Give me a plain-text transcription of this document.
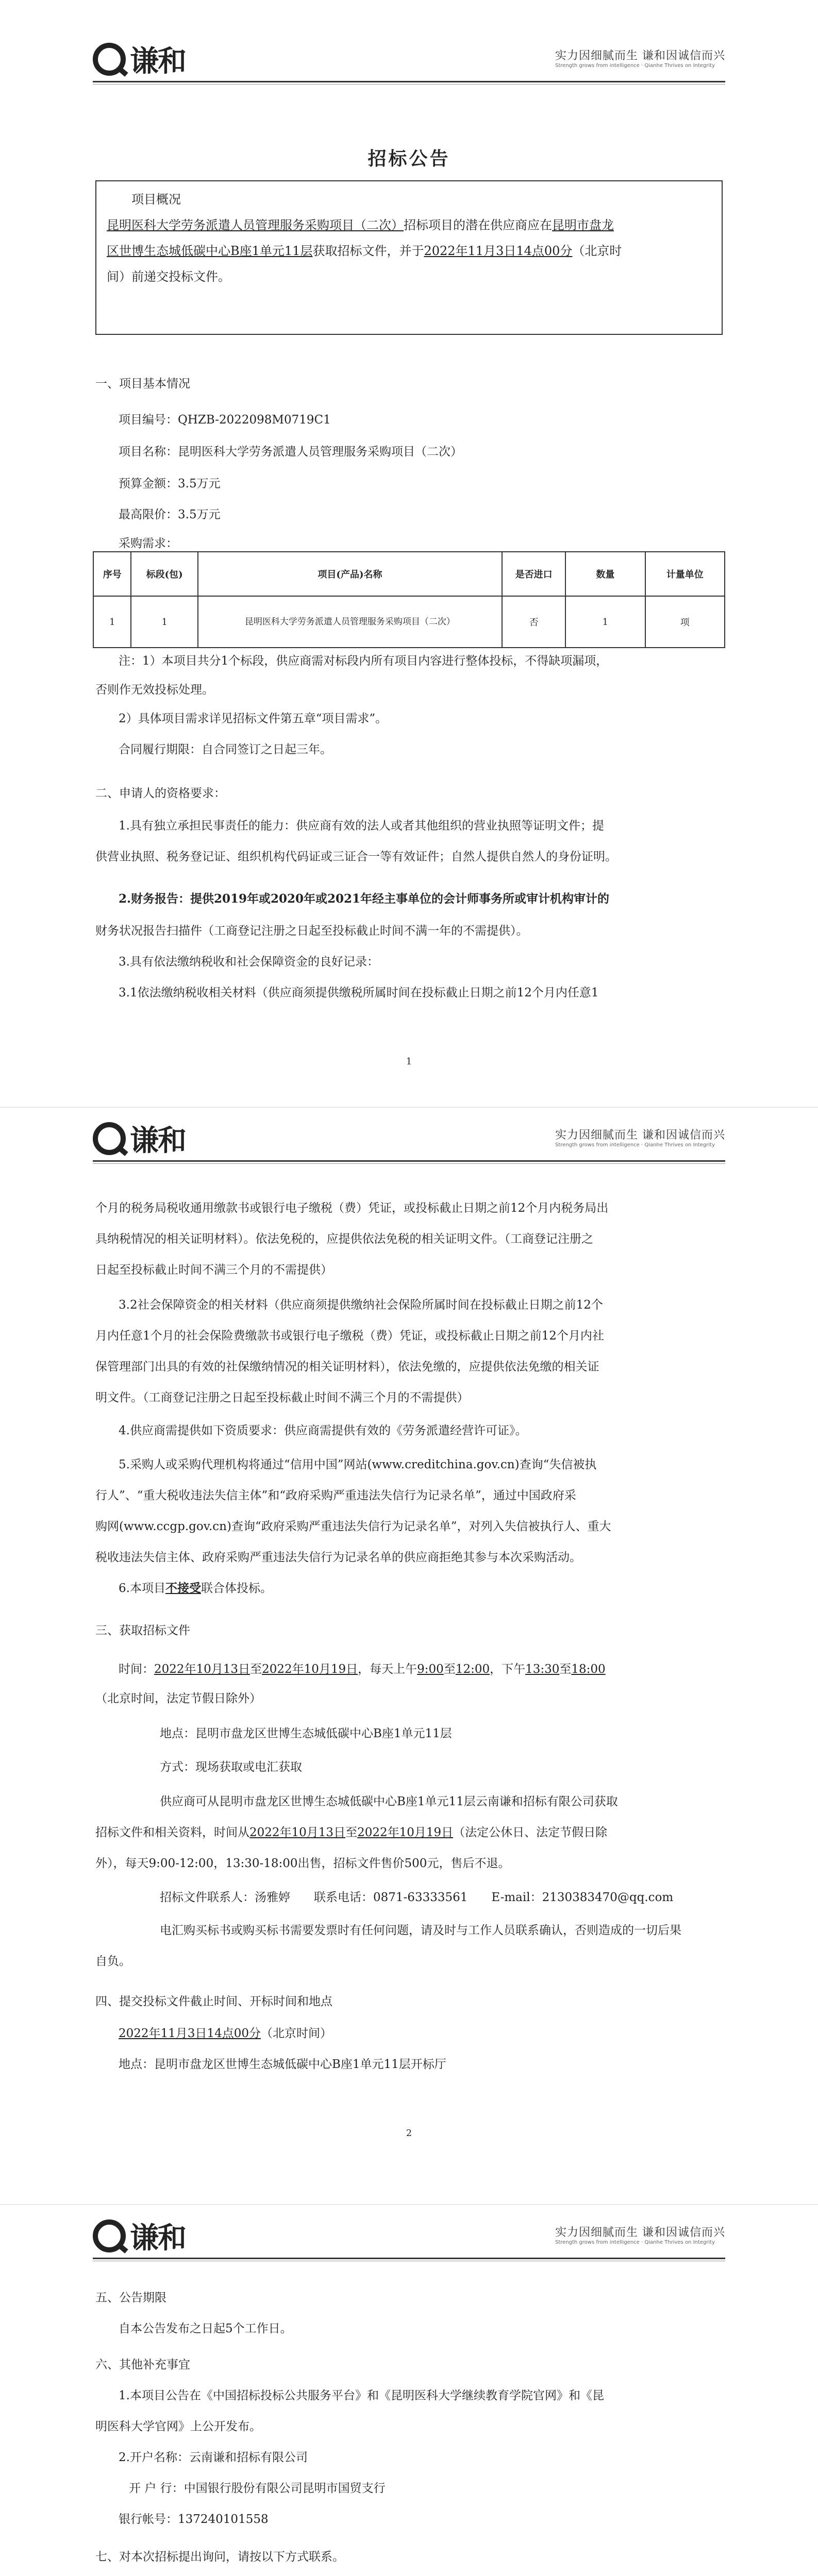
谦和	实力因细腻而生 谦和因诚信而兴
Strength grows from intelligence · Qianhe Thrives on Integrity
招标公告
项目概况
昆明医科大学劳务派遣人员管理服务采购项目（二次）招标项目的潜在供应商应在昆明市盘龙
区世博生态城低碳中心B座1单元11层获取招标文件，并于2022年11月3日14点00分（北京时
间）前递交投标文件。
一、项目基本情况
项目编号：QHZB-2022098M0719C1
项目名称：昆明医科大学劳务派遣人员管理服务采购项目（二次）
预算金额：3.5万元
最高限价：3.5万元
采购需求：
序号	标段(包)	项目(产品)名称	是否进口	数量	计量单位
1	1	昆明医科大学劳务派遣人员管理服务采购项目（二次）	否	1	项
注：1）本项目共分1个标段，供应商需对标段内所有项目内容进行整体投标，不得缺项漏项，
否则作无效投标处理。
2）具体项目需求详见招标文件第五章“项目需求”。
合同履行期限：自合同签订之日起三年。
二、申请人的资格要求：
1.具有独立承担民事责任的能力：供应商有效的法人或者其他组织的营业执照等证明文件；提
供营业执照、税务登记证、组织机构代码证或三证合一等有效证件；自然人提供自然人的身份证明。
2.财务报告：提供2019年或2020年或2021年经主事单位的会计师事务所或审计机构审计的
财务状况报告扫描件（工商登记注册之日起至投标截止时间不满一年的不需提供）。
3.具有依法缴纳税收和社会保障资金的良好记录：
3.1依法缴纳税收相关材料（供应商须提供缴税所属时间在投标截止日期之前12个月内任意1
1
谦和	实力因细腻而生 谦和因诚信而兴
Strength grows from intelligence · Qianhe Thrives on Integrity
个月的税务局税收通用缴款书或银行电子缴税（费）凭证，或投标截止日期之前12个月内税务局出
具纳税情况的相关证明材料）。依法免税的，应提供依法免税的相关证明文件。（工商登记注册之
日起至投标截止时间不满三个月的不需提供）
3.2社会保障资金的相关材料（供应商须提供缴纳社会保险所属时间在投标截止日期之前12个
月内任意1个月的社会保险费缴款书或银行电子缴税（费）凭证，或投标截止日期之前12个月内社
保管理部门出具的有效的社保缴纳情况的相关证明材料），依法免缴的，应提供依法免缴的相关证
明文件。（工商登记注册之日起至投标截止时间不满三个月的不需提供）
4.供应商需提供如下资质要求：供应商需提供有效的《劳务派遣经营许可证》。
5.采购人或采购代理机构将通过“信用中国”网站(www.creditchina.gov.cn)查询“失信被执
行人”、“重大税收违法失信主体”和“政府采购严重违法失信行为记录名单”，通过中国政府采
购网(www.ccgp.gov.cn)查询“政府采购严重违法失信行为记录名单”，对列入失信被执行人、重大
税收违法失信主体、政府采购严重违法失信行为记录名单的供应商拒绝其参与本次采购活动。
6.本项目不接受联合体投标。
三、获取招标文件
时间：2022年10月13日至2022年10月19日，每天上午9:00至12:00，下午13:30至18:00
（北京时间，法定节假日除外）
地点：昆明市盘龙区世博生态城低碳中心B座1单元11层
方式：现场获取或电汇获取
供应商可从昆明市盘龙区世博生态城低碳中心B座1单元11层云南谦和招标有限公司获取
招标文件和相关资料，时间从2022年10月13日至2022年10月19日（法定公休日、法定节假日除
外），每天9:00-12:00，13:30-18:00出售，招标文件售价500元，售后不退。
招标文件联系人：汤雅婷　　联系电话：0871-63333561　　E-mail：2130383470@qq.com
电汇购买标书或购买标书需要发票时有任何问题，请及时与工作人员联系确认，否则造成的一切后果
自负。
四、提交投标文件截止时间、开标时间和地点
2022年11月3日14点00分（北京时间）
地点：昆明市盘龙区世博生态城低碳中心B座1单元11层开标厅
2
谦和	实力因细腻而生 谦和因诚信而兴
Strength grows from intelligence · Qianhe Thrives on Integrity
五、公告期限
自本公告发布之日起5个工作日。
六、其他补充事宜
1.本项目公告在《中国招标投标公共服务平台》和《昆明医科大学继续教育学院官网》和《昆
明医科大学官网》上公开发布。
2.开户名称：云南谦和招标有限公司
开 户 行：中国银行股份有限公司昆明市国贸支行
银行帐号：137240101558
七、对本次招标提出询问，请按以下方式联系。
